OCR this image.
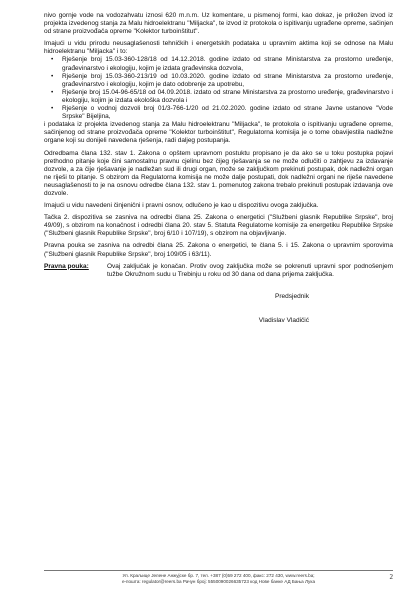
nivo gornje vode na vodozahvatu iznosi 620 m.n.m. Uz komentare, u pismenoj formi, kao dokaz, je priložen izvod iz projekta izvedenog stanja za Malu hidroelektranu "Miljacka", te izvod iz protokola o ispitivanju ugrađene opreme, sačinjen od strane proizvođača opreme "Kolektor turboinštitut".

Imajući u vidu prirodu neusaglašenosti tehničkih i energetskih podataka u upravnim aktima koji se odnose na Malu hidroelektranu "Miljacka" i to:

• Rješenje broj 15.03-360-128/18 od 14.12.2018. godine izdato od strane Ministarstva za prostorno uređenje, građevinarstvo i ekologiju, kojim je izdata građevinska dozvola,
• Rješenje broj 15.03-360-213/19 od 10.03.2020. godine izdato od strane Ministarstva za prostorno uređenje, građevinarstvo i ekologiju, kojim je dato odobrenje za upotrebu,
• Rješenje broj 15.04-96-65/18 od 04.09.2018. izdato od strane Ministarstva za prostorno uređenje, građevinarstvo i ekologiju, kojim je izdata ekološka dozvola i
• Rješenje o vodnoj dozvoli broj 01/3-766-1/20 od 21.02.2020. godine izdato od strane Javne ustanove "Vode Srpske" Bijeljina,

i podataka iz projekta izvedenog stanja za Malu hidroelektranu "Miljacka", te protokola o ispitivanju ugrađene opreme, sačinjenog od strane proizvođača opreme "Kolektor turboinštitut", Regulatorna komisija je o tome obavijestila nadležne organe koji su donijeli navedena rješenja, radi daljeg postupanja.

Odredbama člana 132. stav 1. Zakona o opštem upravnom postuktu propisano je da ako se u toku postupka pojavi prethodno pitanje koje čini samostalnu pravnu cjelinu bez čijeg rješavanja se ne može odlučiti o zahtjevu za izdavanje dozvole, a za čije rješavanje je nadležan sud ili drugi organ, može se zaključkom prekinuti postupak, dok nadležni organ ne riješi to pitanje. S obzirom da Regulatorna komisija ne može dalje postupati, dok nadležni organi ne riješe navedene neusaglašenosti to je na osnovu odredbe člana 132. stav 1. pomenutog zakona trebalo prekinuti postupak izdavanja ove dozvole.

Imajući u vidu navedeni činjenični i pravni osnov, odlučeno je kao u dispozitivu ovoga zaključka.

Tačka 2. dispozitiva se zasniva na odredbi člana 25. Zakona o energetici ("Službeni glasnik Republike Srpske", broj 49/09), s obzirom na konačnost i odredbi člana 20. stav 5. Statuta Regulatorne komisije za energetiku Republike Srpske ("Službeni glasnik Republike Srpske", broj 6/10 i 107/19), s obzirom na objavljivanje.

Pravna pouka se zasniva na odredbi člana 25. Zakona o energetici, te člana 5. i 15. Zakona o upravnim sporovima ("Službeni glasnik Republike Srpske", broj 109/05 i 63/11).

Pravna pouka:	Ovaj zaključak je konačan. Protiv ovog zaključka može se pokrenuti upravni spor podnošenjem tužbe Okružnom sudu u Trebinju u roku od 30 dana od dana prijema zaključka.
Predsjednik
Vladislav Vladičić
Ул. Краљице Јелене Анжујске бр. 7, тел. +387 (0)59 272 400, факс: 272 430, www.reers.ba;
е-пошта: regulator@reers.ba Рачун број: 5550090026635723 код Нове банке АД Бања Лука
2
